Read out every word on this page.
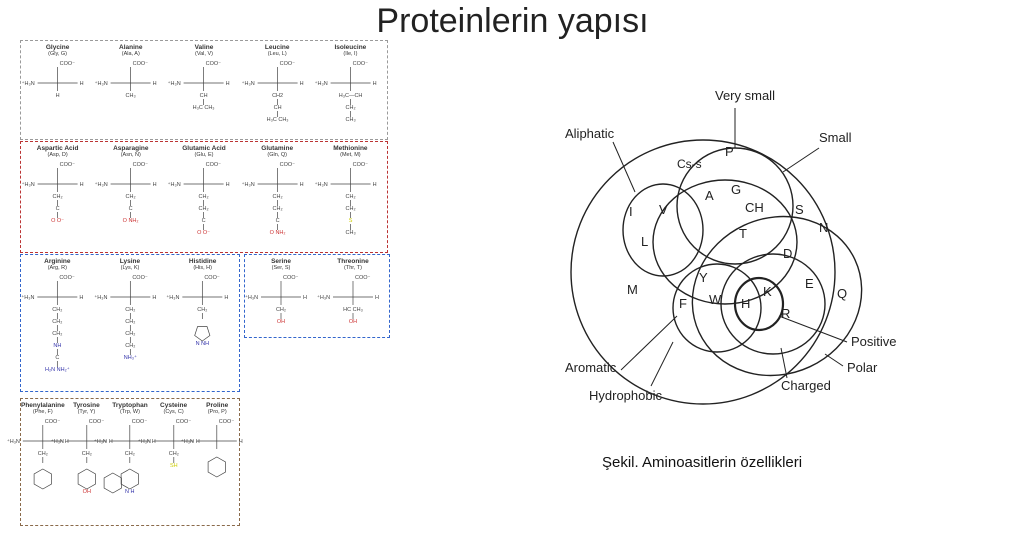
Proteinlerin yapısı
Glycine
(Gly, G)
COO⁻
⁺H₃N	H
H
Alanine
(Ala, A)
COO⁻
⁺H₃N	H
CH₃
Valine
(Val, V)
COO⁻
⁺H₃N	H
CH
H₃C CH₃
Leucine
(Leu, L)
COO⁻
⁺H₃N	H
CH2
CH
H₃C CH₃
Isoleucine
(Ile, I)
COO⁻
⁺H₃N	H
H₃C—CH
CH₂
CH₃
Aspartic Acid
(Asp, D)
COO⁻
⁺H₃N	H
CH₂
C
O O⁻
Asparagine
(Asn, N)
COO⁻
⁺H₃N	H
CH₂
C
O NH₂
Glutamic Acid
(Glu, E)
COO⁻
⁺H₃N	H
CH₂
CH₂
C
O O⁻
Glutamine
(Gln, Q)
COO⁻
⁺H₃N	H
CH₂
CH₂
C
O NH₂
Methionine
(Met, M)
COO⁻
⁺H₃N	H
CH₂
CH₂
S
CH₃
Arginine
(Arg, R)
COO⁻
⁺H₃N	H
CH₂
CH₂
CH₂
NH
C
H₂N NH₂⁺
Lysine
(Lys, K)
COO⁻
⁺H₃N	H
CH₂
CH₂
CH₂
CH₂
NH₃⁺
Histidine
(His, H)
COO⁻
⁺H₃N	H
CH₂
N NH
Serine
(Ser, S)
COO⁻
⁺H₃N	H
CH₂
OH
Threonine
(Thr, T)
COO⁻
⁺H₃N	H
HC CH₃
OH
Phenylalanine
(Phe, F)
COO⁻
⁺H₃N	H
CH₂
Tyrosine
(Tyr, Y)
COO⁻
⁺H₃N	H
CH₂
OH
Tryptophan
(Trp, W)
COO⁻
⁺H₃N	H
CH₂
N H
Cysteine
(Cys, C)
COO⁻
⁺H₃N	H
CH₂
SH
Proline
(Pro, P)
COO⁻
⁺H₃N	H
Very small
Small
Aliphatic
Aromatic
Hydrophobic
Charged
Positive
Polar
Cs-s
P
G
A
CH S
I V
L
T	N
D
M
Y
F W H
K
R
E
Q
Şekil. Aminoasitlerin özellikleri
